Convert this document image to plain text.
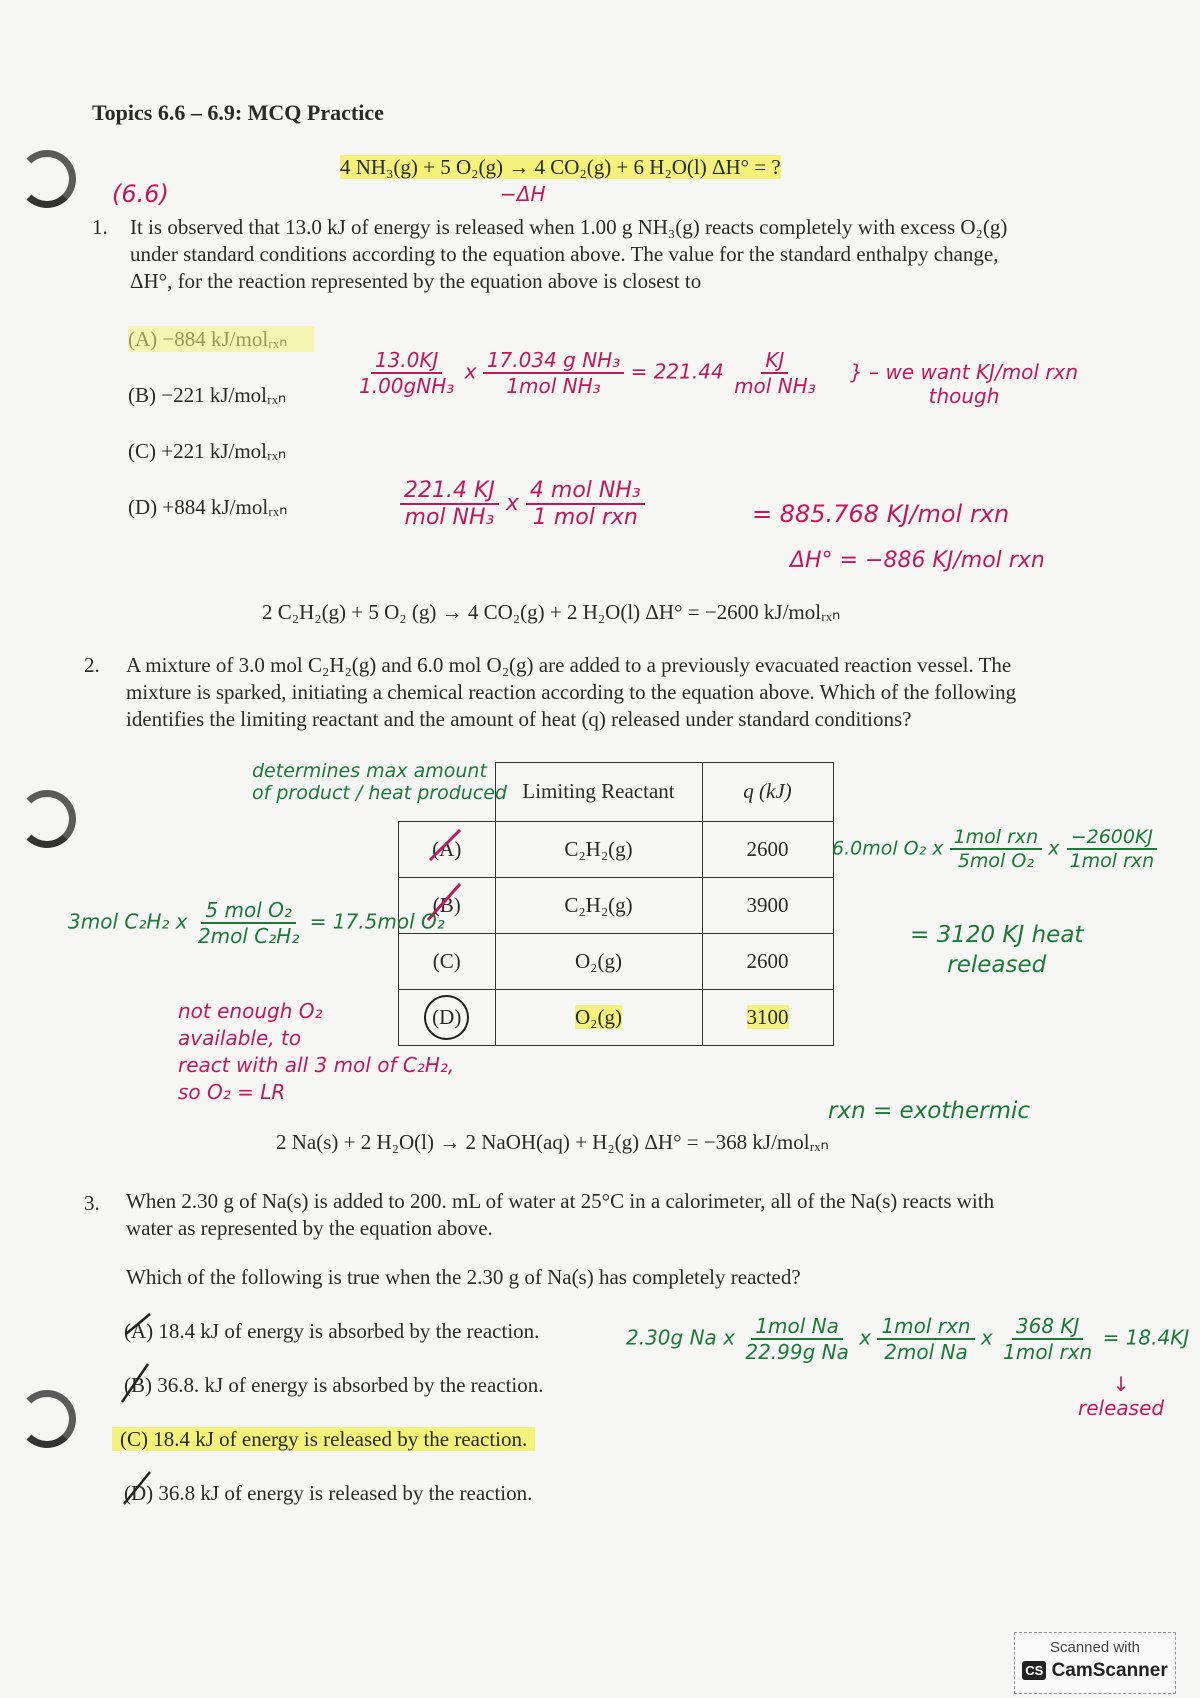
Topics 6.6 – 6.9: MCQ Practice
4 NH₃(g) + 5 O₂(g) → 4 CO₂(g) + 6 H₂O(l) ΔH° = ?
(6.6)	−ΔH
1. It is observed that 13.0 kJ of energy is released when 1.00 g NH₃(g) reacts completely with excess O₂(g)
under standard conditions according to the equation above. The value for the standard enthalpy change,
ΔH°, for the reaction represented by the equation above is closest to
(B) −221 kJ/molᵣₓₙ
(C) +221 kJ/molᵣₓₙ
(D) +884 kJ/molᵣₓₙ
$\frac{13.0KJ}{\text{1.00gNH₃}}$ x $\frac{\text{17.034 g NH₃}}{\text{1mol NH₃}} = 221.44 \frac{KJ}{\text{mol NH₃}}$ } – we want KJ/mol rxn
though
$\frac{221.4 KJ}{\text{mol NH₃}}$ x $\frac{\text{4 mol NH₃}}{\text{1 mol rxn}}$	= 885.768 KJ/mol rxn
ΔH° = −886 KJ/mol rxn
2 C₂H₂(g) + 5 O₂ (g) → 4 CO₂(g) + 2 H₂O(l) ΔH° = −2600 kJ/molᵣₓₙ
2. A mixture of 3.0 mol C₂H₂(g) and 6.0 mol O₂(g) are added to a previously evacuated reaction vessel. The
mixture is sparked, initiating a chemical reaction according to the equation above. Which of the following
identifies the limiting reactant and the amount of heat (q) released under standard conditions?
determines max amount
of product / heat produced
	Limiting Reactant	q (kJ)
(A)	C₂H₂(g)	2600
(B)	C₂H₂(g)	3900
(C)	O₂(g)	2600
(D)	O₂(g)	3100
3mol C₂H₂ x $\frac{\text{5 mol O₂}}{\text{2mol C₂H₂}} = 17.5mol$ O₂
not enough O₂
available, to
react with all 3 mol of C₂H₂,
so O₂ = LR
6.0mol O₂ x $\frac{\text{1mol rxn}}{\text{5mol O₂}}$ x $\frac{-2600KJ}{\text{1mol rxn}}$
= 3120 KJ heat
released
rxn = exothermic
2 Na(s) + 2 H₂O(l) → 2 NaOH(aq) + H₂(g) ΔH° = −368 kJ/molᵣₓₙ
3. When 2.30 g of Na(s) is added to 200. mL of water at 25°C in a calorimeter, all of the Na(s) reacts with
water as represented by the equation above.
Which of the following is true when the 2.30 g of Na(s) has completely reacted?
(A) 18.4 kJ of energy is absorbed by the reaction.
(B) 36.8. kJ of energy is absorbed by the reaction.
(C) 18.4 kJ of energy is released by the reaction.
(D) 36.8 kJ of energy is released by the reaction.
2.30g Na x $\frac{\text{1mol Na}}{\text{22.99g Na}}$ x $\frac{\text{1mol rxn}}{\text{2mol Na}}$ x $\frac{368 KJ}{\text{1mol rxn}} = 18.4KJ$
↓
released
Scanned with
CS CamScanner
